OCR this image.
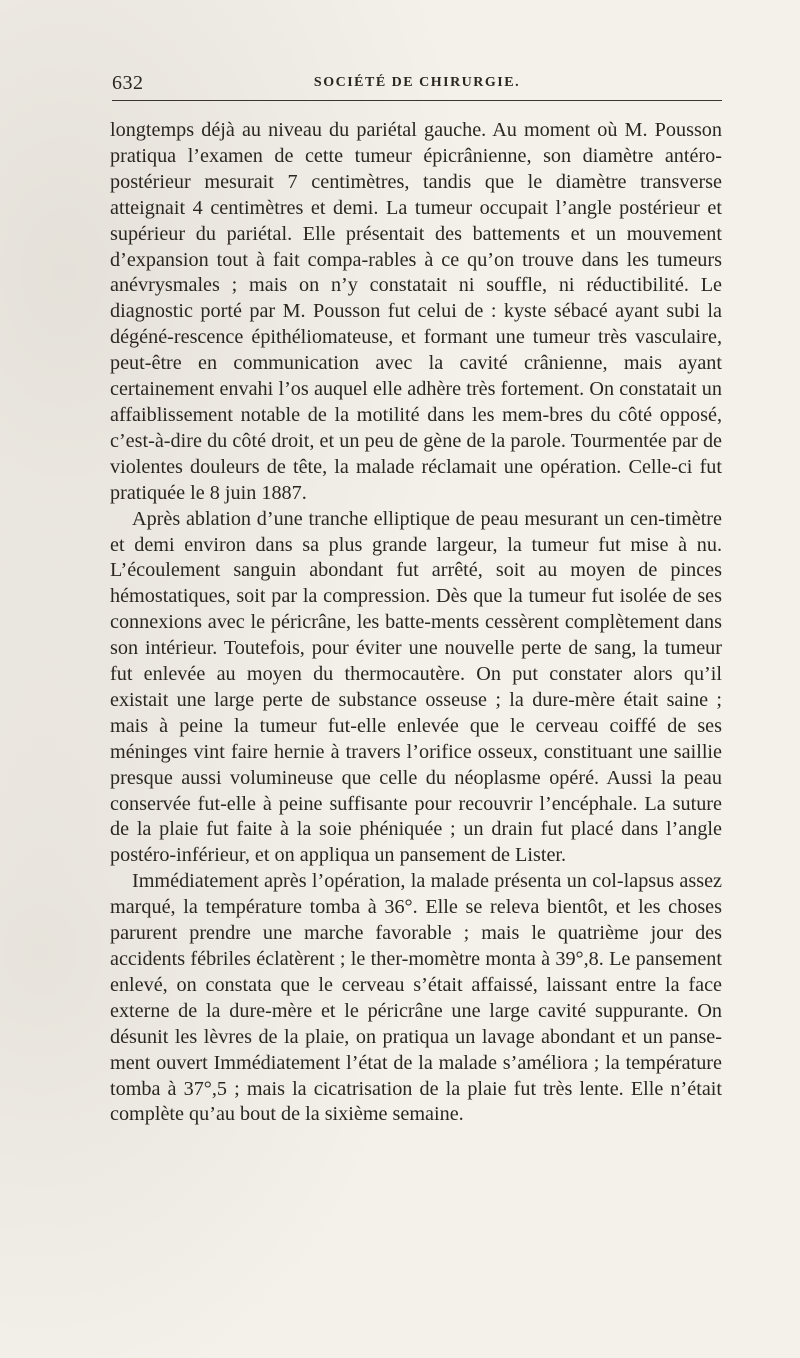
632	SOCIÉTÉ DE CHIRURGIE.

longtemps déjà au niveau du pariétal gauche. Au moment où M. Pousson pratiqua l’examen de cette tumeur épicrânienne, son diamètre antéro-postérieur mesurait 7 centimètres, tandis que le diamètre transverse atteignait 4 centimètres et demi. La tumeur occupait l’angle postérieur et supérieur du pariétal. Elle présentait des battements et un mouvement d’expansion tout à fait compa-rables à ce qu’on trouve dans les tumeurs anévrysmales ; mais on n’y constatait ni souffle, ni réductibilité. Le diagnostic porté par M. Pousson fut celui de : kyste sébacé ayant subi la dégéné-rescence épithéliomateuse, et formant une tumeur très vasculaire, peut-être en communication avec la cavité crânienne, mais ayant certainement envahi l’os auquel elle adhère très fortement. On constatait un affaiblissement notable de la motilité dans les mem-bres du côté opposé, c’est-à-dire du côté droit, et un peu de gène de la parole. Tourmentée par de violentes douleurs de tête, la malade réclamait une opération. Celle-ci fut pratiquée le 8 juin 1887.

Après ablation d’une tranche elliptique de peau mesurant un cen-timètre et demi environ dans sa plus grande largeur, la tumeur fut mise à nu. L’écoulement sanguin abondant fut arrêté, soit au moyen de pinces hémostatiques, soit par la compression. Dès que la tumeur fut isolée de ses connexions avec le péricrâne, les batte-ments cessèrent complètement dans son intérieur. Toutefois, pour éviter une nouvelle perte de sang, la tumeur fut enlevée au moyen du thermocautère. On put constater alors qu’il existait une large perte de substance osseuse ; la dure-mère était saine ; mais à peine la tumeur fut-elle enlevée que le cerveau coiffé de ses méninges vint faire hernie à travers l’orifice osseux, constituant une saillie presque aussi volumineuse que celle du néoplasme opéré. Aussi la peau conservée fut-elle à peine suffisante pour recouvrir l’encéphale. La suture de la plaie fut faite à la soie phéniquée ; un drain fut placé dans l’angle postéro-inférieur, et on appliqua un pansement de Lister.

Immédiatement après l’opération, la malade présenta un col-lapsus assez marqué, la température tomba à 36°. Elle se releva bientôt, et les choses parurent prendre une marche favorable ; mais le quatrième jour des accidents fébriles éclatèrent ; le ther-momètre monta à 39°,8. Le pansement enlevé, on constata que le cerveau s’était affaissé, laissant entre la face externe de la dure-mère et le péricrâne une large cavité suppurante. On désunit les lèvres de la plaie, on pratiqua un lavage abondant et un panse-ment ouvert Immédiatement l’état de la malade s’améliora ; la température tomba à 37°,5 ; mais la cicatrisation de la plaie fut très lente. Elle n’était complète qu’au bout de la sixième semaine.
